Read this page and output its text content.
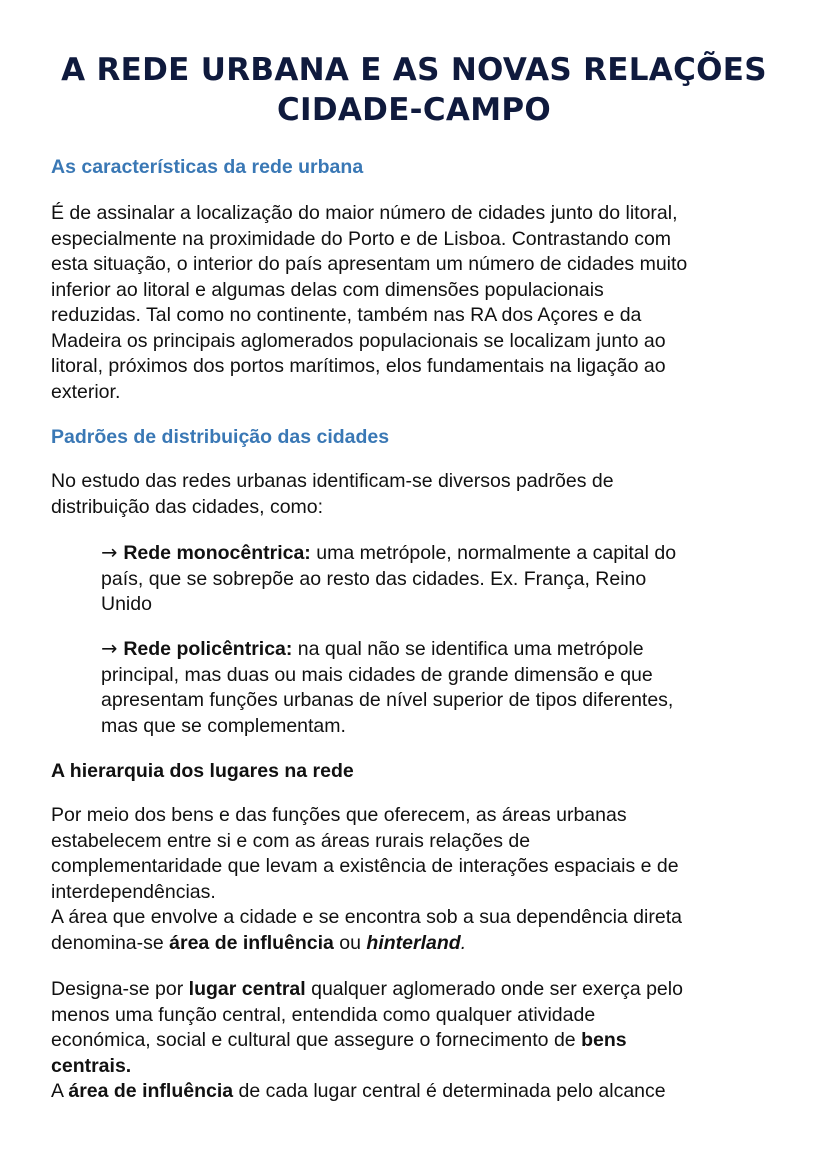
A REDE URBANA E AS NOVAS RELAÇÕES
CIDADE-CAMPO
As características da rede urbana
É de assinalar a localização do maior número de cidades junto do litoral,
especialmente na proximidade do Porto e de Lisboa. Contrastando com
esta situação, o interior do país apresentam um número de cidades muito
inferior ao litoral e algumas delas com dimensões populacionais
reduzidas. Tal como no continente, também nas RA dos Açores e da
Madeira os principais aglomerados populacionais se localizam junto ao
litoral, próximos dos portos marítimos, elos fundamentais na ligação ao
exterior.
Padrões de distribuição das cidades
No estudo das redes urbanas identificam-se diversos padrões de
distribuição das cidades, como:
→ Rede monocêntrica: uma metrópole, normalmente a capital do
país, que se sobrepõe ao resto das cidades. Ex. França, Reino
Unido
→ Rede policêntrica: na qual não se identifica uma metrópole
principal, mas duas ou mais cidades de grande dimensão e que
apresentam funções urbanas de nível superior de tipos diferentes,
mas que se complementam.
A hierarquia dos lugares na rede
Por meio dos bens e das funções que oferecem, as áreas urbanas
estabelecem entre si e com as áreas rurais relações de
complementaridade que levam a existência de interações espaciais e de
interdependências.
A área que envolve a cidade e se encontra sob a sua dependência direta
denomina-se área de influência ou hinterland.
Designa-se por lugar central qualquer aglomerado onde ser exerça pelo
menos uma função central, entendida como qualquer atividade
económica, social e cultural que assegure o fornecimento de bens
centrais.
A área de influência de cada lugar central é determinada pelo alcance
